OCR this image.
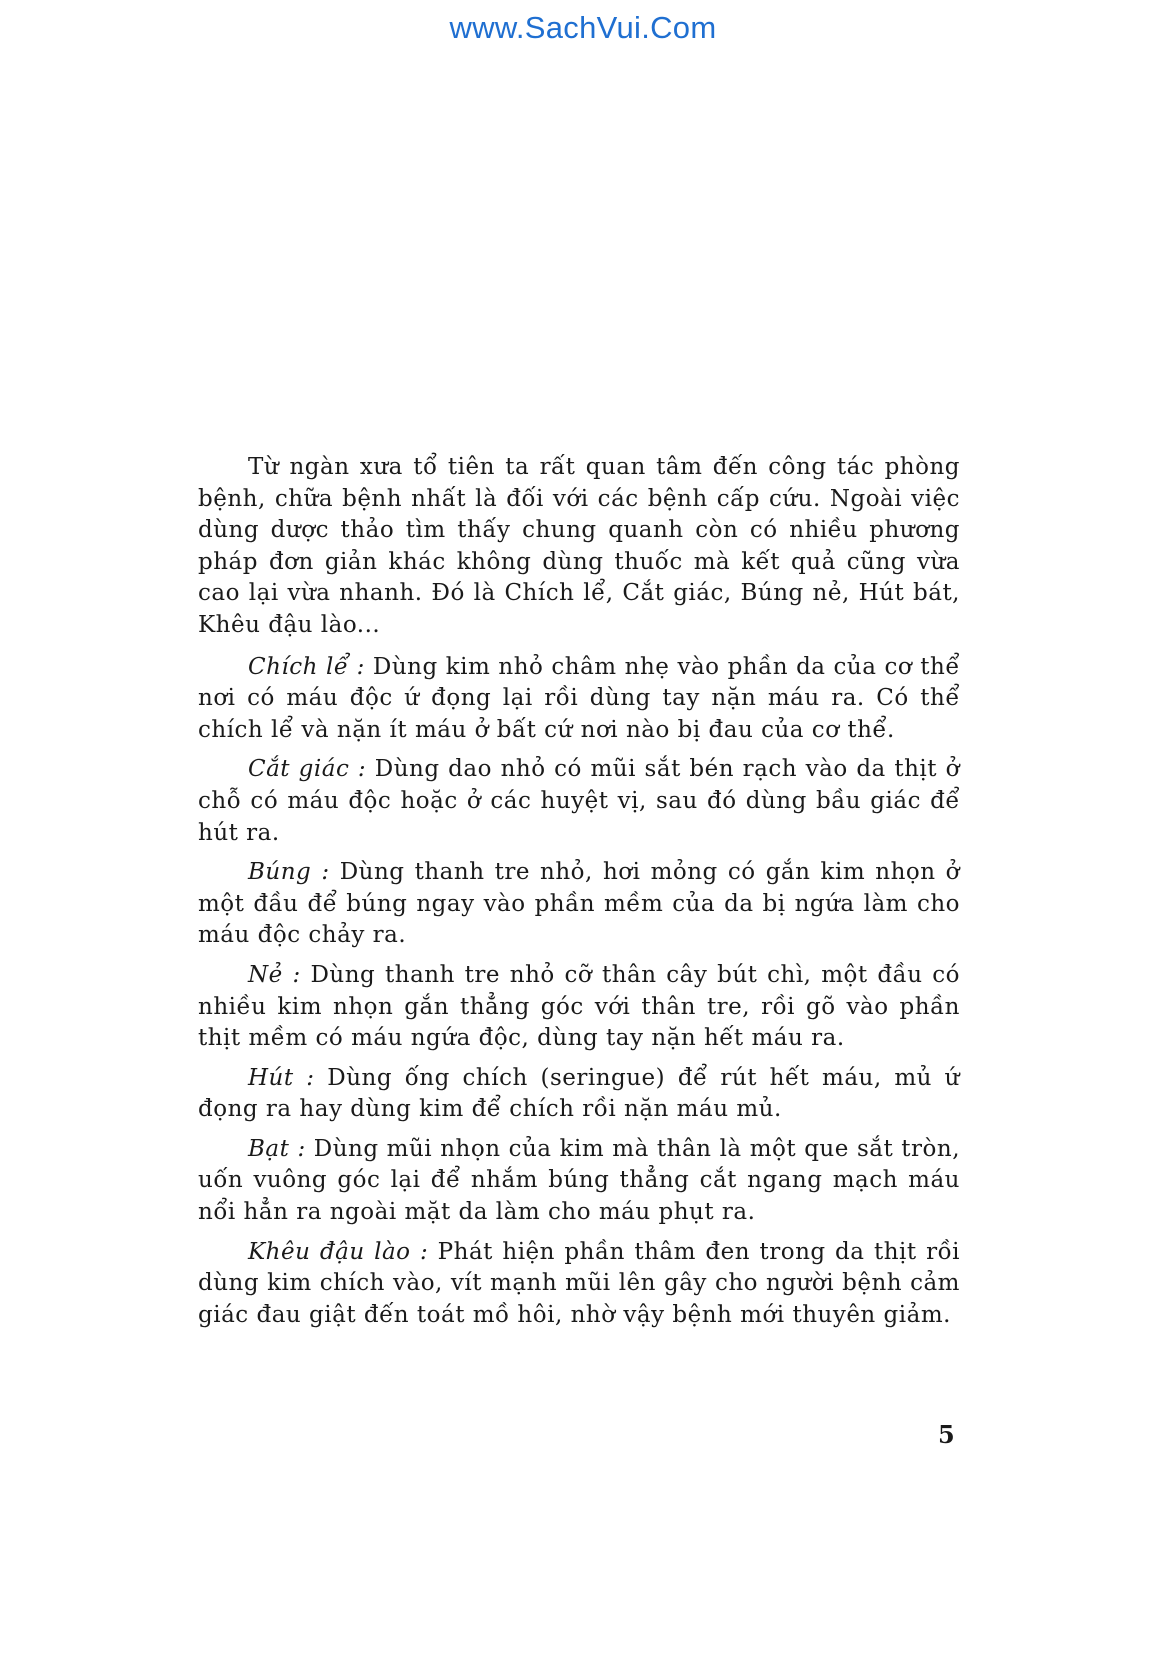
www.SachVui.Com

Từ ngàn xưa tổ tiên ta rất quan tâm đến công tác phòng bệnh, chữa bệnh nhất là đối với các bệnh cấp cứu. Ngoài việc dùng dược thảo tìm thấy chung quanh còn có nhiều phương pháp đơn giản khác không dùng thuốc mà kết quả cũng vừa cao lại vừa nhanh. Đó là Chích lể, Cắt giác, Búng nẻ, Hút bát, Khêu đậu lào...

Chích lể : Dùng kim nhỏ châm nhẹ vào phần da của cơ thể nơi có máu độc ứ đọng lại rồi dùng tay nặn máu ra. Có thể chích lể và nặn ít máu ở bất cứ nơi nào bị đau của cơ thể.

Cắt giác : Dùng dao nhỏ có mũi sắt bén rạch vào da thịt ở chỗ có máu độc hoặc ở các huyệt vị, sau đó dùng bầu giác để hút ra.

Búng : Dùng thanh tre nhỏ, hơi mỏng có gắn kim nhọn ở một đầu để búng ngay vào phần mềm của da bị ngứa làm cho máu độc chảy ra.

Nẻ : Dùng thanh tre nhỏ cỡ thân cây bút chì, một đầu có nhiều kim nhọn gắn thẳng góc với thân tre, rồi gõ vào phần thịt mềm có máu ngứa độc, dùng tay nặn hết máu ra.

Hút : Dùng ống chích (seringue) để rút hết máu, mủ ứ đọng ra hay dùng kim để chích rồi nặn máu mủ.

Bạt : Dùng mũi nhọn của kim mà thân là một que sắt tròn, uốn vuông góc lại để nhắm búng thẳng cắt ngang mạch máu nổi hẳn ra ngoài mặt da làm cho máu phụt ra.

Khêu đậu lào : Phát hiện phần thâm đen trong da thịt rồi dùng kim chích vào, vít mạnh mũi lên gây cho người bệnh cảm giác đau giật đến toát mồ hôi, nhờ vậy bệnh mới thuyên giảm.

5
